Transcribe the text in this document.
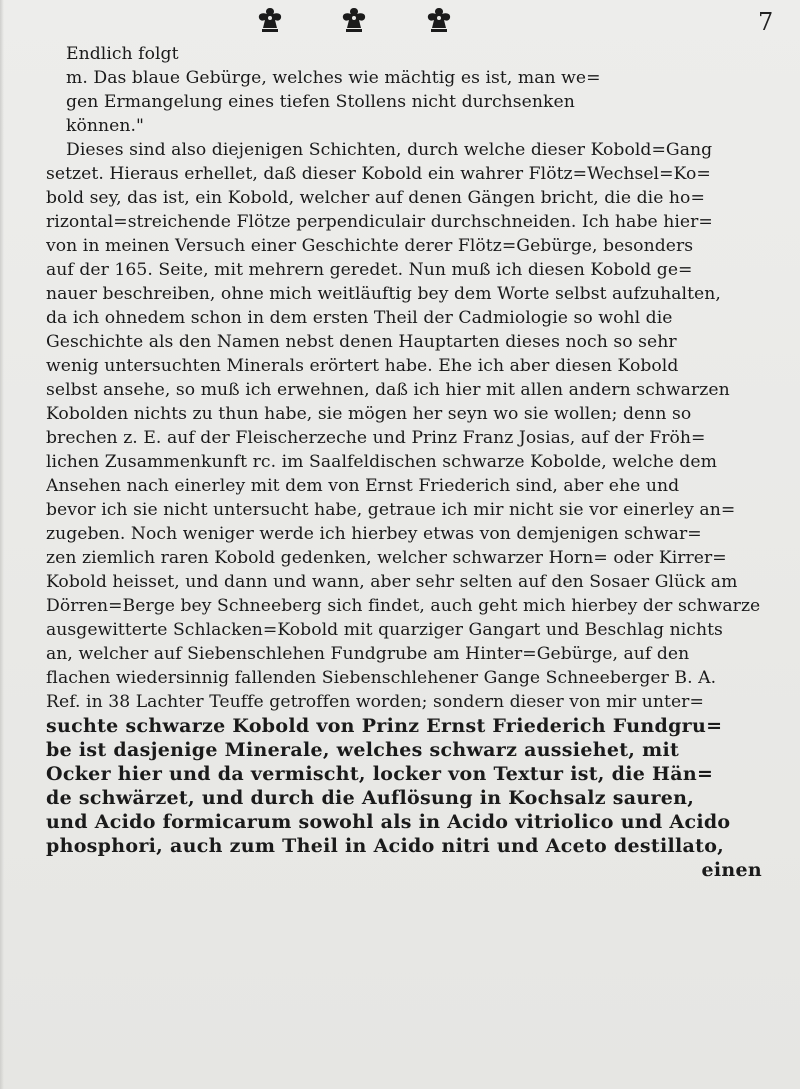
7
Endlich folgt
m. Das blaue Gebürge, welches wie mächtig es ist, man we=
gen Ermangelung eines tiefen Stollens nicht durchsenken
können."
Dieses sind also diejenigen Schichten, durch welche dieser Kobold=Gang
setzet. Hieraus erhellet, daß dieser Kobold ein wahrer Flötz=Wechsel=Ko=
bold sey, das ist, ein Kobold, welcher auf denen Gängen bricht, die die ho=
rizontal=streichende Flötze perpendiculair durchschneiden. Ich habe hier=
von in meinen Versuch einer Geschichte derer Flötz=Gebürge, besonders
auf der 165. Seite, mit mehrern geredet. Nun muß ich diesen Kobold ge=
nauer beschreiben, ohne mich weitläuftig bey dem Worte selbst aufzuhalten,
da ich ohnedem schon in dem ersten Theil der Cadmiologie so wohl die
Geschichte als den Namen nebst denen Hauptarten dieses noch so sehr
wenig untersuchten Minerals erörtert habe. Ehe ich aber diesen Kobold
selbst ansehe, so muß ich erwehnen, daß ich hier mit allen andern schwarzen
Kobolden nichts zu thun habe, sie mögen her seyn wo sie wollen; denn so
brechen z. E. auf der Fleischerzeche und Prinz Franz Josias, auf der Fröh=
lichen Zusammenkunft rc. im Saalfeldischen schwarze Kobolde, welche dem
Ansehen nach einerley mit dem von Ernst Friederich sind, aber ehe und
bevor ich sie nicht untersucht habe, getraue ich mir nicht sie vor einerley an=
zugeben. Noch weniger werde ich hierbey etwas von demjenigen schwar=
zen ziemlich raren Kobold gedenken, welcher schwarzer Horn= oder Kirrer=
Kobold heisset, und dann und wann, aber sehr selten auf den Sosaer Glück am
Dörren=Berge bey Schneeberg sich findet, auch geht mich hierbey der schwarze
ausgewitterte Schlacken=Kobold mit quarziger Gangart und Beschlag nichts
an, welcher auf Siebenschlehen Fundgrube am Hinter=Gebürge, auf den
flachen wiedersinnig fallenden Siebenschlehener Gange Schneeberger B. A.
Ref. in 38 Lachter Teuffe getroffen worden; sondern dieser von mir unter=
suchte schwarze Kobold von Prinz Ernst Friederich Fundgru=
be ist dasjenige Minerale, welches schwarz aussiehet, mit
Ocker hier und da vermischt, locker von Textur ist, die Hän=
de schwärzet, und durch die Auflösung in Kochsalz sauren,
und Acido formicarum sowohl als in Acido vitriolico und Acido
phosphori, auch zum Theil in Acido nitri und Aceto destillato,
einen
